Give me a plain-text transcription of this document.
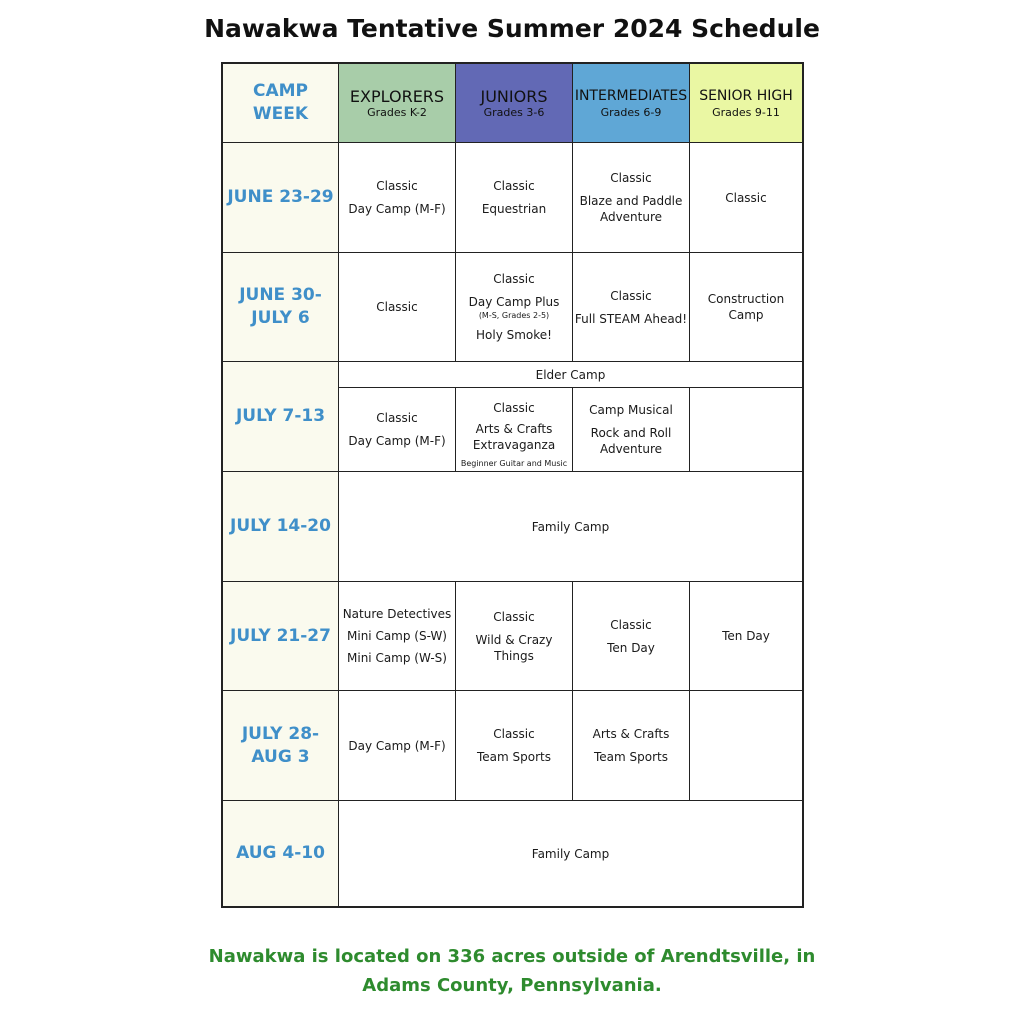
Nawakwa Tentative Summer 2024 Schedule
CAMP
WEEK
EXPLORERS
Grades K-2
JUNIORS
Grades 3-6
INTERMEDIATES
Grades 6-9
SENIOR HIGH
Grades 9-11
JUNE 23-29
Classic
Day Camp (M-F)
Classic
Equestrian
Classic
Blaze and Paddle
Adventure
Classic
JUNE 30-
JULY 6
Classic
Classic
Day Camp Plus
(M-S, Grades 2-5)
Holy Smoke!
Classic
Full STEAM Ahead!
Construction
Camp
JULY 7-13
Elder Camp
Classic
Day Camp (M-F)
Classic
Arts & Crafts
Extravaganza
Beginner Guitar and Music
Camp Musical
Rock and Roll
Adventure
JULY 14-20	Family Camp
JULY 21-27
Nature Detectives
Mini Camp (S-W)
Mini Camp (W-S)
Classic
Wild & Crazy
Things
Classic
Ten Day
Ten Day
JULY 28-
AUG 3
Day Camp (M-F)
Classic
Team Sports
Arts & Crafts
Team Sports
AUG 4-10	Family Camp
Nawakwa is located on 336 acres outside of Arendtsville, in
Adams County, Pennsylvania.
